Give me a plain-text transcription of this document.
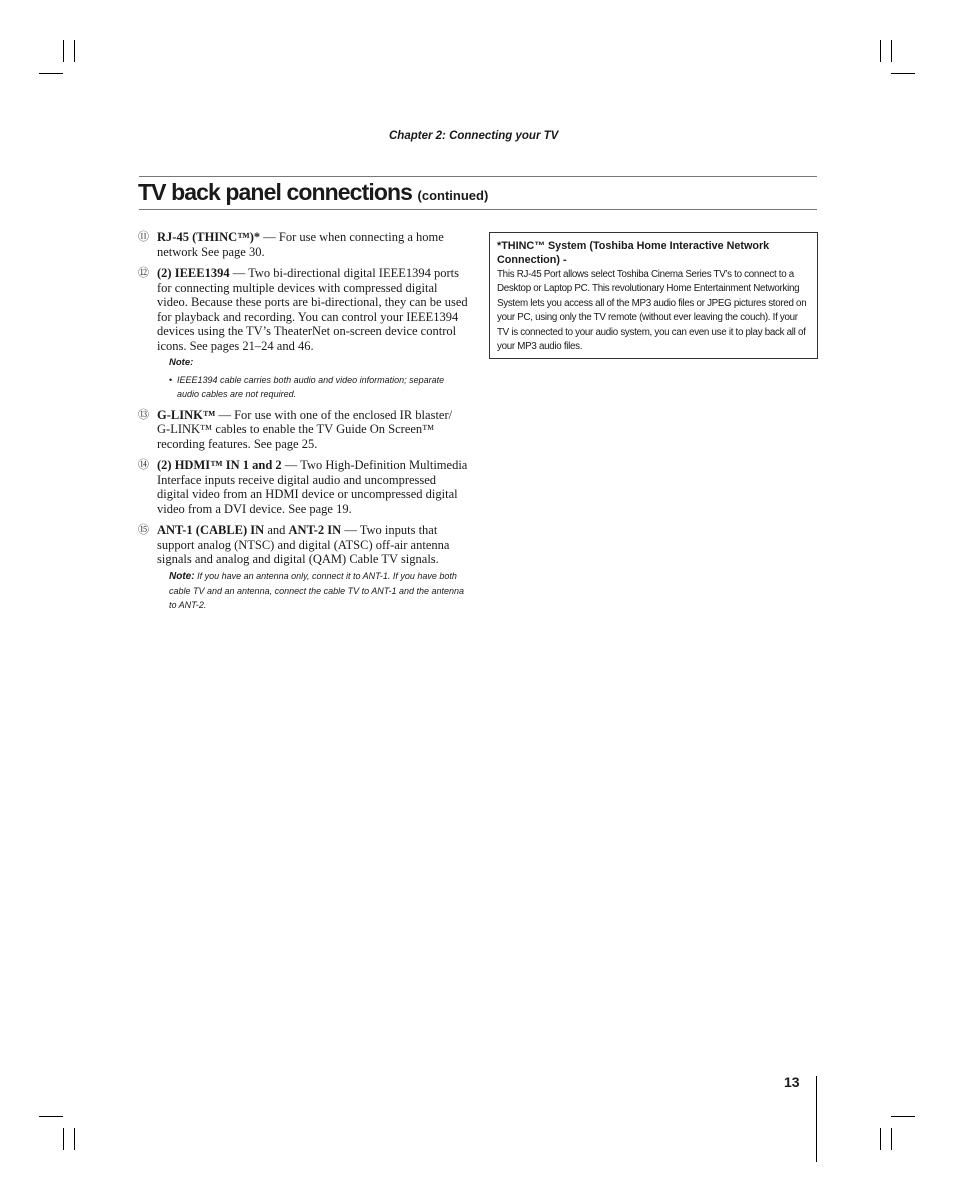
Chapter 2: Connecting your TV
TV back panel connections (continued)
⑪ RJ-45 (THINC™)* — For use when connecting a home network See page 30.
⑫ (2) IEEE1394 — Two bi-directional digital IEEE1394 ports for connecting multiple devices with compressed digital video. Because these ports are bi-directional, they can be used for playback and recording. You can control your IEEE1394 devices using the TV’s TheaterNet on-screen device control icons. See pages 21–24 and 46.
Note:
• IEEE1394 cable carries both audio and video information; separate audio cables are not required.
⑬ G-LINK™ — For use with one of the enclosed IR blaster/ G-LINK™ cables to enable the TV Guide On Screen™ recording features. See page 25.
⑭ (2) HDMI™ IN 1 and 2 — Two High-Definition Multimedia Interface inputs receive digital audio and uncompressed digital video from an HDMI device or uncompressed digital video from a DVI device. See page 19.
⑮ ANT-1 (CABLE) IN and ANT-2 IN — Two inputs that support analog (NTSC) and digital (ATSC) off-air antenna signals and analog and digital (QAM) Cable TV signals.
Note: If you have an antenna only, connect it to ANT-1. If you have both cable TV and an antenna, connect the cable TV to ANT-1 and the antenna to ANT-2.
*THINC™ System (Toshiba Home Interactive Network Connection) -
This RJ-45 Port allows select Toshiba Cinema Series TV’s to connect to a Desktop or Laptop PC. This revolutionary Home Entertainment Networking System lets you access all of the MP3 audio files or JPEG pictures stored on your PC, using only the TV remote (without ever leaving the couch). If your TV is connected to your audio system, you can even use it to play back all of your MP3 audio files.
13
